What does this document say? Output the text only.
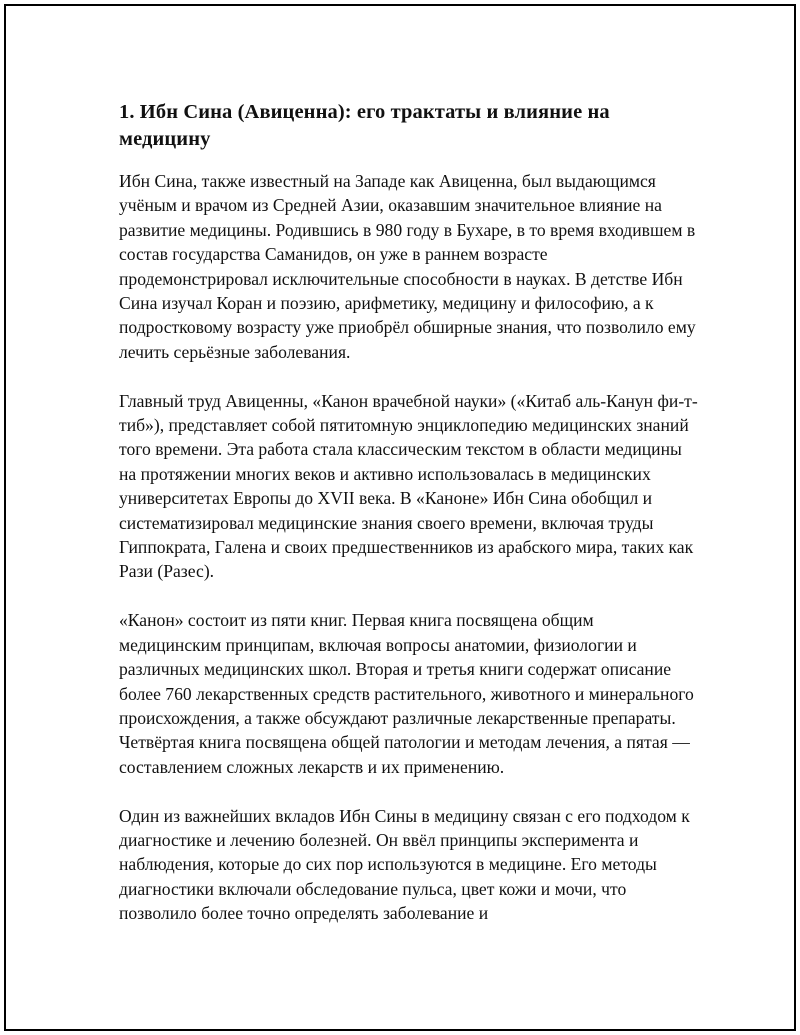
1. Ибн Сина (Авиценна): его трактаты и влияние на медицину

Ибн Сина, также известный на Западе как Авиценна, был выдающимся учёным и врачом из Средней Азии, оказавшим значительное влияние на развитие медицины. Родившись в 980 году в Бухаре, в то время входившем в состав государства Саманидов, он уже в раннем возрасте продемонстрировал исключительные способности в науках. В детстве Ибн Сина изучал Коран и поэзию, арифметику, медицину и философию, а к подростковому возрасту уже приобрёл обширные знания, что позволило ему лечить серьёзные заболевания.

Главный труд Авиценны, «Канон врачебной науки» («Китаб аль-Канун фи-т-тиб»), представляет собой пятитомную энциклопедию медицинских знаний того времени. Эта работа стала классическим текстом в области медицины на протяжении многих веков и активно использовалась в медицинских университетах Европы до XVII века. В «Каноне» Ибн Сина обобщил и систематизировал медицинские знания своего времени, включая труды Гиппократа, Галена и своих предшественников из арабского мира, таких как Рази (Разес).

«Канон» состоит из пяти книг. Первая книга посвящена общим медицинским принципам, включая вопросы анатомии, физиологии и различных медицинских школ. Вторая и третья книги содержат описание более 760 лекарственных средств растительного, животного и минерального происхождения, а также обсуждают различные лекарственные препараты. Четвёртая книга посвящена общей патологии и методам лечения, а пятая — составлением сложных лекарств и их применению.

Один из важнейших вкладов Ибн Сины в медицину связан с его подходом к диагностике и лечению болезней. Он ввёл принципы эксперимента и наблюдения, которые до сих пор используются в медицине. Его методы диагностики включали обследование пульса, цвет кожи и мочи, что позволило более точно определять заболевание и
